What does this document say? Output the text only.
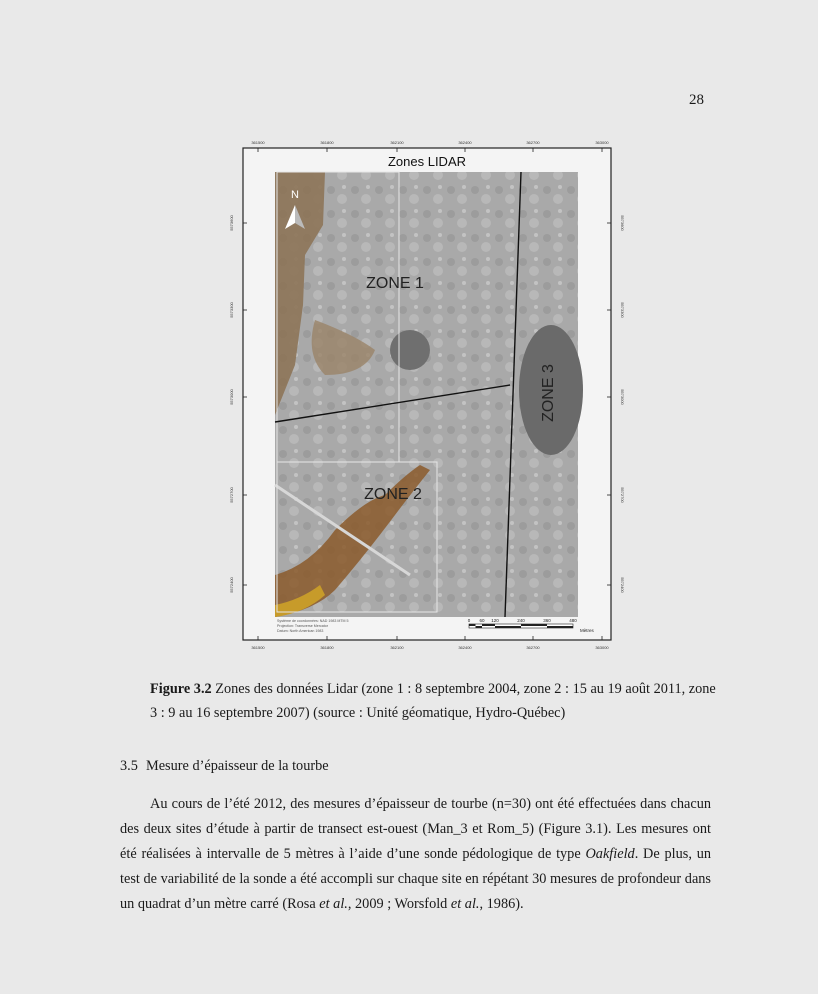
28
Zones LIDAR
N
ZONE 1
ZONE 2
ZONE 3
361500	361800	362100	362400	362700	363000
361500	361800	362100	362400	362700	363000
5573600
5573300
5573000
5572700
5572400
5573600
5573300
5573000
5572700
5572400
Système de coordonnées: NAD 1983 MTM 5
Projection: Transverse Mercator
Datum: North American 1983
0 60 120	240	360	480
Mètres
Figure 3.2 Zones des données Lidar (zone 1 : 8 septembre 2004, zone 2 : 15 au 19 août 2011, zone 3 : 9 au 16 septembre 2007) (source : Unité géomatique, Hydro-Québec)
3.5 Mesure d’épaisseur de la tourbe
Au cours de l’été 2012, des mesures d’épaisseur de tourbe (n=30) ont été effectuées dans chacun des deux sites d’étude à partir de transect est-ouest (Man_3 et Rom_5) (Figure 3.1). Les mesures ont été réalisées à intervalle de 5 mètres à l’aide d’une sonde pédologique de type Oakfield. De plus, un test de variabilité de la sonde a été accompli sur chaque site en répétant 30 mesures de profondeur dans un quadrat d’un mètre carré (Rosa et al., 2009 ; Worsfold et al., 1986).
